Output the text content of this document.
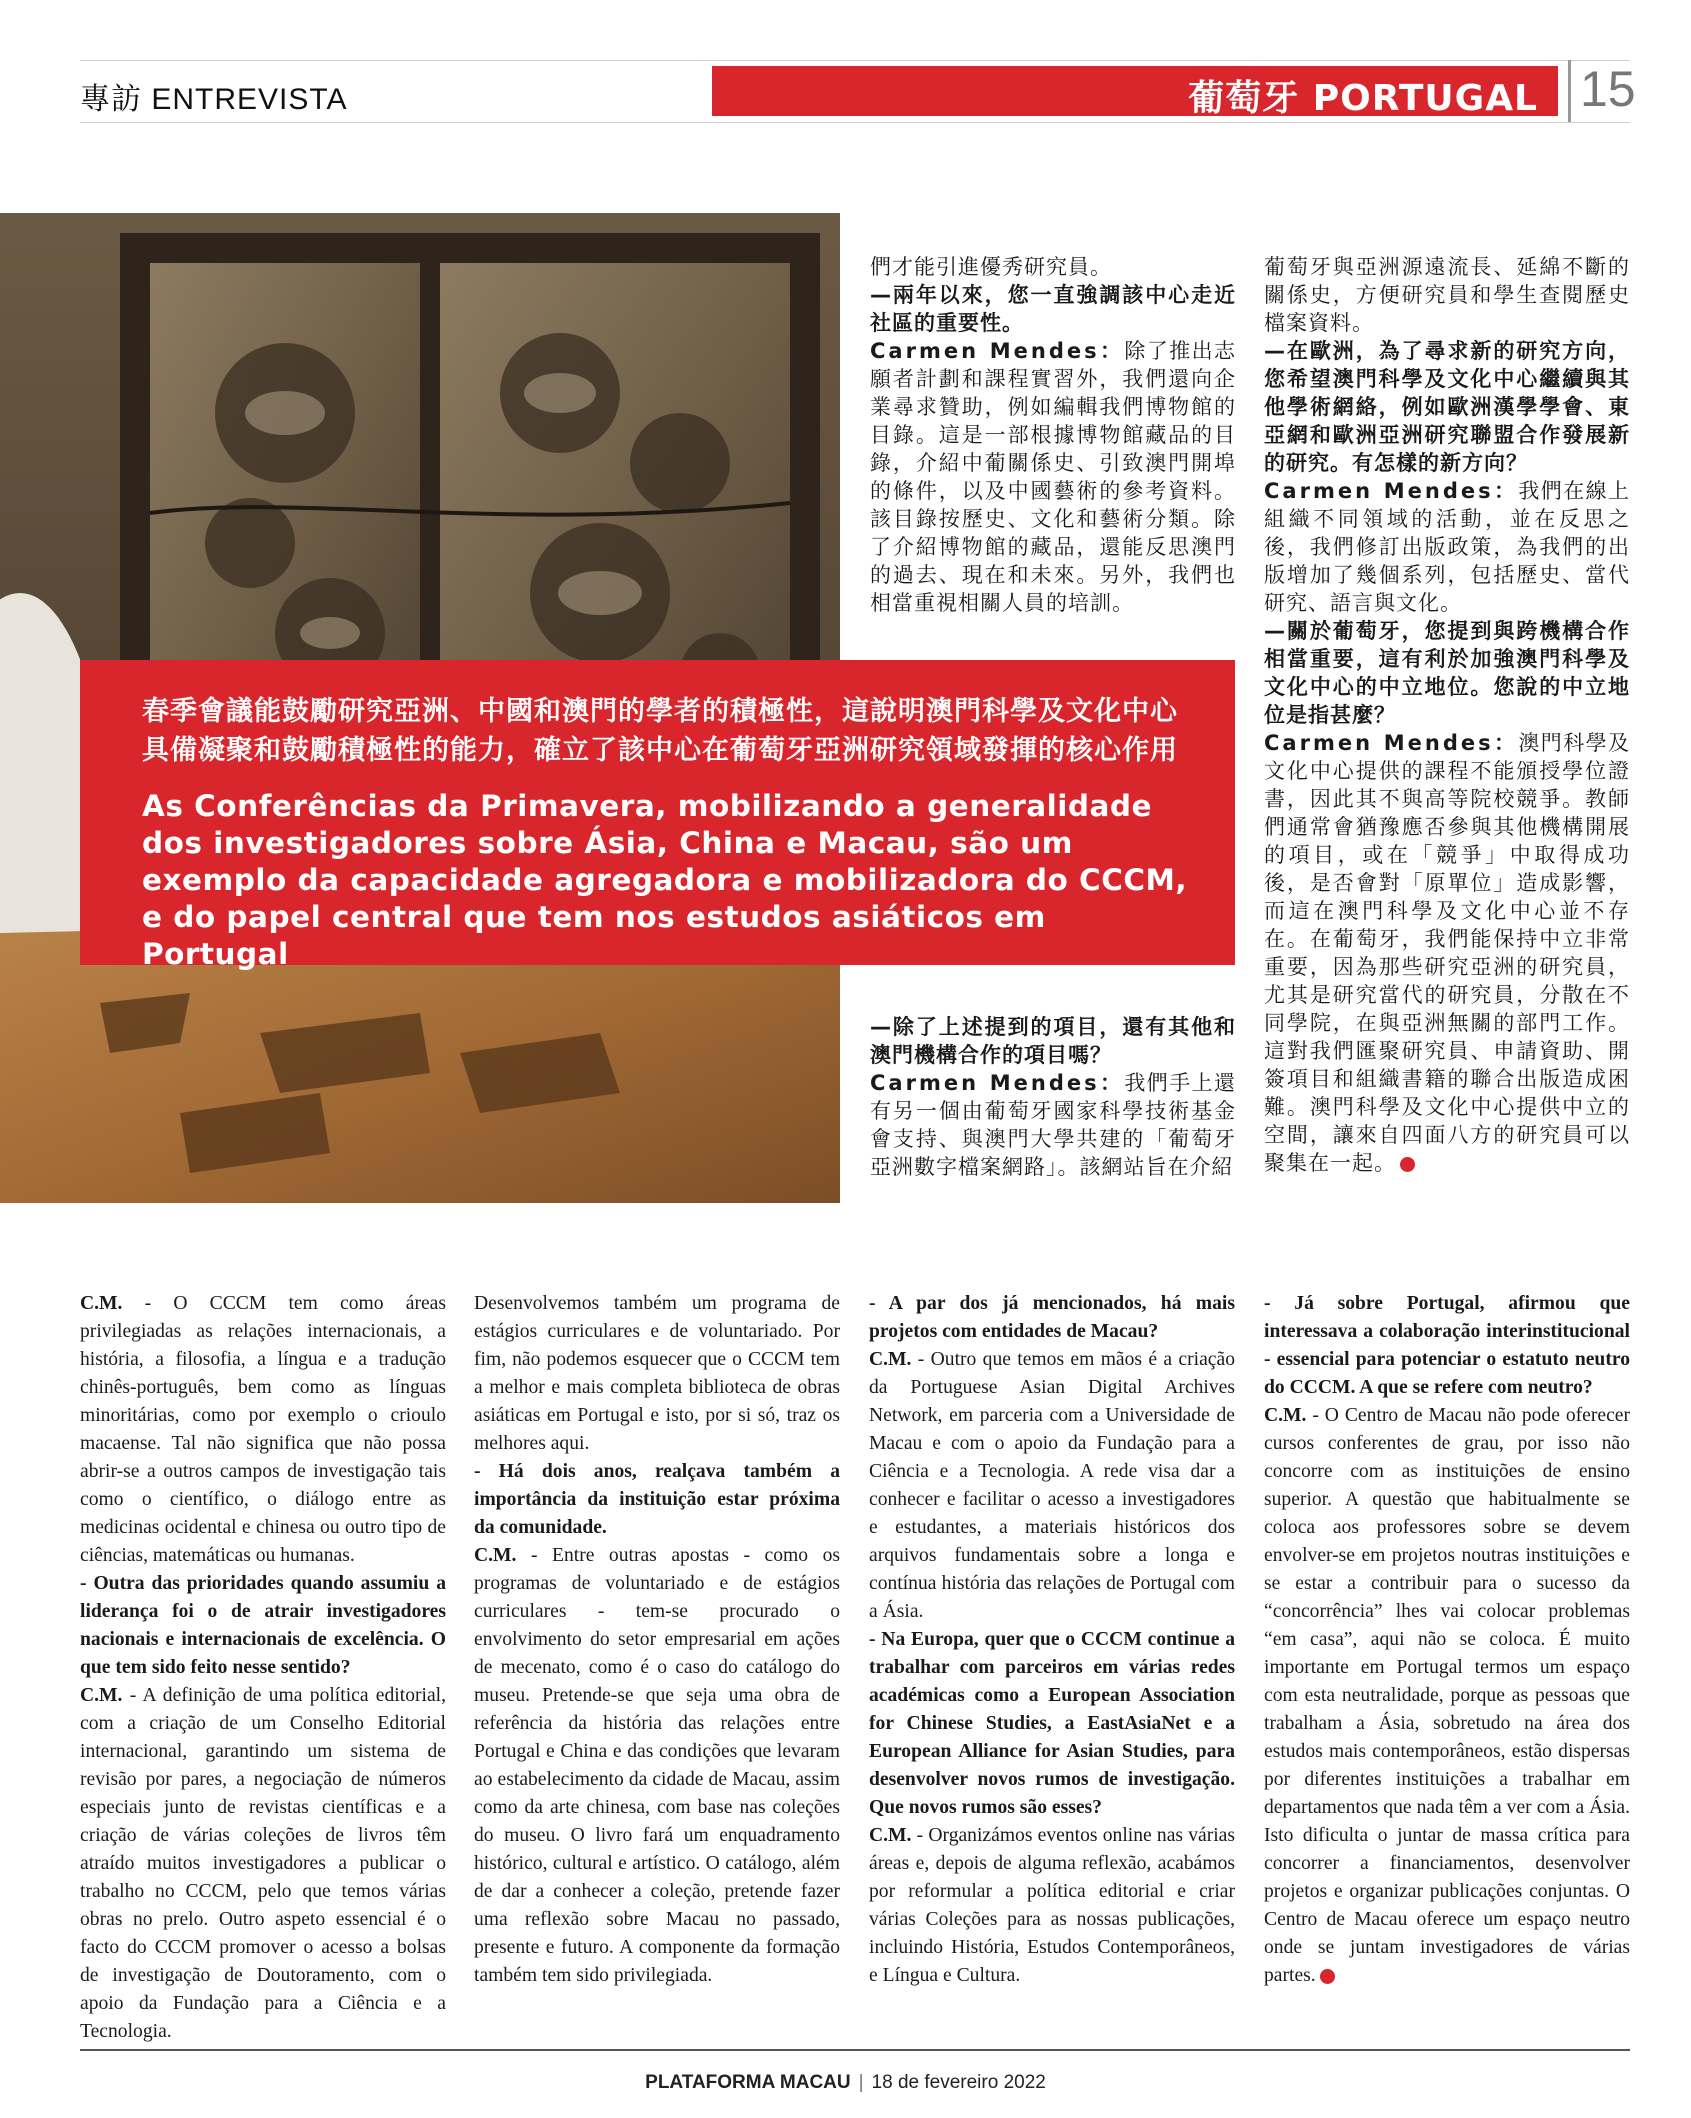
專訪 ENTREVISTA	葡萄牙 PORTUGAL 15
春季會議能鼓勵研究亞洲、中國和澳門的學者的積極性，這說明澳門科學及文化中心具備凝聚和鼓勵積極性的能力，確立了該中心在葡萄牙亞洲研究領域發揮的核心作用
As Conferências da Primavera, mobilizando a generalidade dos investigadores sobre Ásia, China e Macau, são um exemplo da capacidade agregadora e mobilizadora do CCCM, e do papel central que tem nos estudos asiáticos em Portugal

們才能引進優秀研究員。

—兩年以來，您一直強調該中心走近社區的重要性。

Carmen Mendes：除了推出志願者計劃和課程實習外，我們還向企業尋求贊助，例如編輯我們博物館的目錄。這是一部根據博物館藏品的目錄，介紹中葡關係史、引致澳門開埠的條件，以及中國藝術的參考資料。該目錄按歷史、文化和藝術分類。除了介紹博物館的藏品，還能反思澳門的過去、現在和未來。另外，我們也相當重視相關人員的培訓。

—除了上述提到的項目，還有其他和澳門機構合作的項目嗎？

Carmen Mendes：我們手上還有另一個由葡萄牙國家科學技術基金會支持、與澳門大學共建的「葡萄牙亞洲數字檔案網路」。該網站旨在介紹

葡萄牙與亞洲源遠流長、延綿不斷的關係史，方便研究員和學生查閱歷史檔案資料。

—在歐洲，為了尋求新的研究方向，您希望澳門科學及文化中心繼續與其他學術網絡，例如歐洲漢學學會、東亞網和歐洲亞洲研究聯盟合作發展新的研究。有怎樣的新方向？

Carmen Mendes：我們在線上組織不同領域的活動，並在反思之後，我們修訂出版政策，為我們的出版增加了幾個系列，包括歷史、當代研究、語言與文化。

—關於葡萄牙，您提到與跨機構合作相當重要，這有利於加強澳門科學及文化中心的中立地位。您說的中立地位是指甚麼？

Carmen Mendes：澳門科學及文化中心提供的課程不能頒授學位證書，因此其不與高等院校競爭。教師們通常會猶豫應否參與其他機構開展的項目，或在「競爭」中取得成功後，是否會對「原單位」造成影響，而這在澳門科學及文化中心並不存在。在葡萄牙，我們能保持中立非常重要，因為那些研究亞洲的研究員，尤其是研究當代的研究員，分散在不同學院，在與亞洲無關的部門工作。這對我們匯聚研究員、申請資助、開簽項目和組織書籍的聯合出版造成困難。澳門科學及文化中心提供中立的空間，讓來自四面八方的研究員可以聚集在一起。

C.M. - O CCCM tem como áreas privilegiadas as relações internacionais, a história, a filosofia, a língua e a tradução chinês-português, bem como as línguas minoritárias, como por exemplo o crioulo macaense. Tal não significa que não possa abrir-se a outros campos de investigação tais como o científico, o diálogo entre as medicinas ocidental e chinesa ou outro tipo de ciências, matemáticas ou humanas.

- Outra das prioridades quando assumiu a liderança foi o de atrair investigadores nacionais e internacionais de excelência. O que tem sido feito nesse sentido?

C.M. - A definição de uma política editorial, com a criação de um Conselho Editorial internacional, garantindo um sistema de revisão por pares, a negociação de números especiais junto de revistas científicas e a criação de várias coleções de livros têm atraído muitos investigadores a publicar o trabalho no CCCM, pelo que temos várias obras no prelo. Outro aspeto essencial é o facto do CCCM promover o acesso a bolsas de investigação de Doutoramento, com o apoio da Fundação para a Ciência e a Tecnologia.

Desenvolvemos também um programa de estágios curriculares e de voluntariado. Por fim, não podemos esquecer que o CCCM tem a melhor e mais completa biblioteca de obras asiáticas em Portugal e isto, por si só, traz os melhores aqui.

- Há dois anos, realçava também a importância da instituição estar próxima da comunidade.

C.M. - Entre outras apostas - como os programas de voluntariado e de estágios curriculares - tem-se procurado o envolvimento do setor empresarial em ações de mecenato, como é o caso do catálogo do museu. Pretende-se que seja uma obra de referência da história das relações entre Portugal e China e das condições que levaram ao estabelecimento da cidade de Macau, assim como da arte chinesa, com base nas coleções do museu. O livro fará um enquadramento histórico, cultural e artístico. O catálogo, além de dar a conhecer a coleção, pretende fazer uma reflexão sobre Macau no passado, presente e futuro. A componente da formação também tem sido privilegiada.

- A par dos já mencionados, há mais projetos com entidades de Macau?

C.M. - Outro que temos em mãos é a criação da Portuguese Asian Digital Archives Network, em parceria com a Universidade de Macau e com o apoio da Fundação para a Ciência e a Tecnologia. A rede visa dar a conhecer e facilitar o acesso a investigadores e estudantes, a materiais históricos dos arquivos fundamentais sobre a longa e contínua história das relações de Portugal com a Ásia.

- Na Europa, quer que o CCCM continue a trabalhar com parceiros em várias redes académicas como a European Association for Chinese Studies, a EastAsiaNet e a European Alliance for Asian Studies, para desenvolver novos rumos de investigação. Que novos rumos são esses?

C.M. - Organizámos eventos online nas várias áreas e, depois de alguma reflexão, acabámos por reformular a política editorial e criar várias Coleções para as nossas publicações, incluindo História, Estudos Contemporâneos, e Língua e Cultura.

- Já sobre Portugal, afirmou que interessava a colaboração interinstitucional - essencial para potenciar o estatuto neutro do CCCM. A que se refere com neutro?

C.M. - O Centro de Macau não pode oferecer cursos conferentes de grau, por isso não concorre com as instituições de ensino superior. A questão que habitualmente se coloca aos professores sobre se devem envolver-se em projetos noutras instituições e se estar a contribuir para o sucesso da “concorrência” lhes vai colocar problemas “em casa”, aqui não se coloca. É muito importante em Portugal termos um espaço com esta neutralidade, porque as pessoas que trabalham a Ásia, sobretudo na área dos estudos mais contemporâneos, estão dispersas por diferentes instituições a trabalhar em departamentos que nada têm a ver com a Ásia. Isto dificulta o juntar de massa crítica para concorrer a financiamentos, desenvolver projetos e organizar publicações conjuntas. O Centro de Macau oferece um espaço neutro onde se juntam investigadores de várias partes.

PLATAFORMA MACAU | 18 de fevereiro 2022
